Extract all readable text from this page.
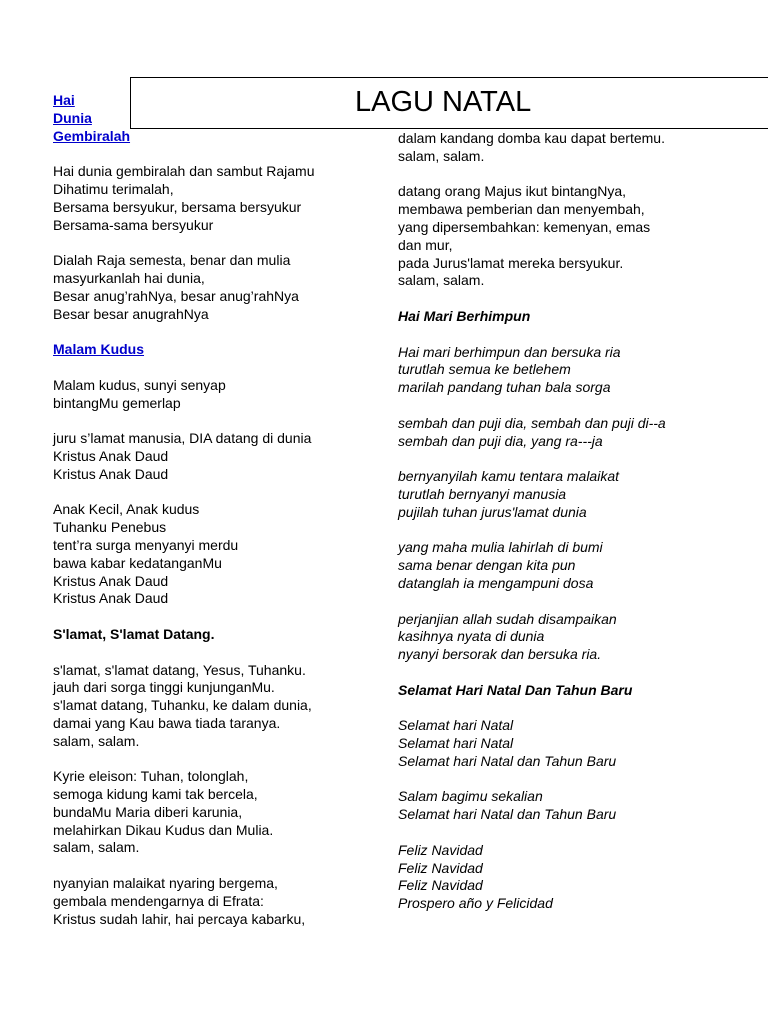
LAGU NATAL
Hai
Dunia
Gembiralah
Hai dunia gembiralah dan sambut Rajamu
Dihatimu terimalah,
Bersama bersyukur, bersama bersyukur
Bersama-sama bersyukur
Dialah Raja semesta, benar dan mulia
masyurkanlah hai dunia,
Besar anug’rahNya, besar anug’rahNya
Besar besar anugrahNya
Malam Kudus
Malam kudus, sunyi senyap
bintangMu gemerlap
juru s’lamat manusia, DIA datang di dunia
Kristus Anak Daud
Kristus Anak Daud
Anak Kecil, Anak kudus
Tuhanku Penebus
tent’ra surga menyanyi merdu
bawa kabar kedatanganMu
Kristus Anak Daud
Kristus Anak Daud
S'lamat, S'lamat Datang.
s'lamat, s'lamat datang, Yesus, Tuhanku.
jauh dari sorga tinggi kunjunganMu.
s'lamat datang, Tuhanku, ke dalam dunia,
damai yang Kau bawa tiada taranya.
salam, salam.
Kyrie eleison: Tuhan, tolonglah,
semoga kidung kami tak bercela,
bundaMu Maria diberi karunia,
melahirkan Dikau Kudus dan Mulia.
salam, salam.
nyanyian malaikat nyaring bergema,
gembala mendengarnya di Efrata:
Kristus sudah lahir, hai percaya kabarku,
dalam kandang domba kau dapat bertemu.
salam, salam.
datang orang Majus ikut bintangNya,
membawa pemberian dan menyembah,
yang dipersembahkan: kemenyan, emas
dan mur,
pada Jurus'lamat mereka bersyukur.
salam, salam.
Hai Mari Berhimpun
Hai mari berhimpun dan bersuka ria
turutlah semua ke betlehem
marilah pandang tuhan bala sorga
sembah dan puji dia, sembah dan puji di--a
sembah dan puji dia, yang ra---ja
bernyanyilah kamu tentara malaikat
turutlah bernyanyi manusia
pujilah tuhan jurus'lamat dunia
yang maha mulia lahirlah di bumi
sama benar dengan kita pun
datanglah ia mengampuni dosa
perjanjian allah sudah disampaikan
kasihnya nyata di dunia
nyanyi bersorak dan bersuka ria.
Selamat Hari Natal Dan Tahun Baru
Selamat hari Natal
Selamat hari Natal
Selamat hari Natal dan Tahun Baru
Salam bagimu sekalian
Selamat hari Natal dan Tahun Baru
Feliz Navidad
Feliz Navidad
Feliz Navidad
Prospero año y Felicidad
